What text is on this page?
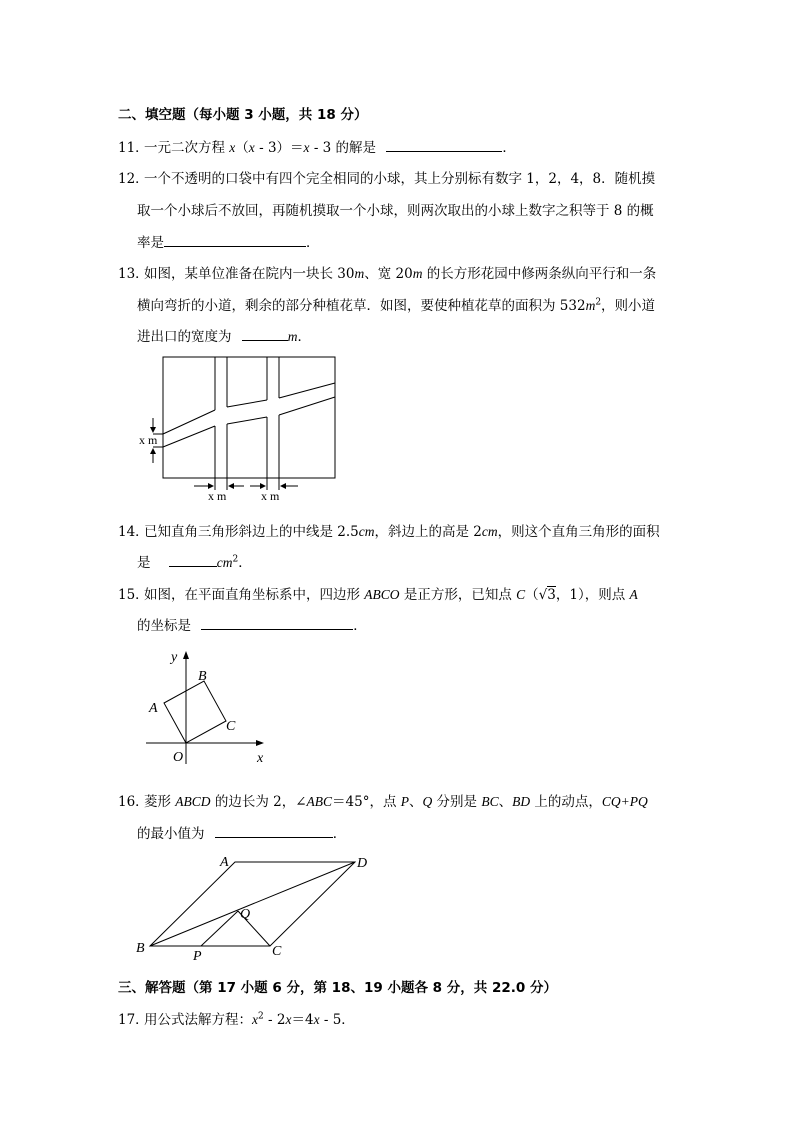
二、填空题（每小题 3 小题，共 18 分）
11．一元二次方程 x（x - 3）＝x - 3 的解是	．
12．一个不透明的口袋中有四个完全相同的小球，其上分别标有数字 1，2，4，8．随机摸
取一个小球后不放回，再随机摸取一个小球，则两次取出的小球上数字之积等于 8 的概
率是	．
13．如图，某单位准备在院内一块长 30m、宽 20m 的长方形花园中修两条纵向平行和一条
横向弯折的小道，剩余的部分种植花草．如图，要使种植花草的面积为 $532m^2$，则小道
进出口的宽度为	m．
x m
x m	x m
14．已知直角三角形斜边上的中线是 2.5cm，斜边上的高是 2cm，则这个直角三角形的面积
是	$cm^2$．
15．如图，在平面直角坐标系中，四边形 ABCO 是正方形，已知点 C（√3，1），则点 A
的坐标是	．
y
x
O
A
B
C
16．菱形 ABCD 的边长为 2，∠ABC＝45°，点 P、Q 分别是 BC、BD 上的动点，CQ+PQ
的最小值为	．
A	D
B	C
P
Q
三、解答题（第 17 小题 6 分，第 18、19 小题各 8 分，共 22.0 分）
17．用公式法解方程：$x^2 - 2x=4x - 5$．
